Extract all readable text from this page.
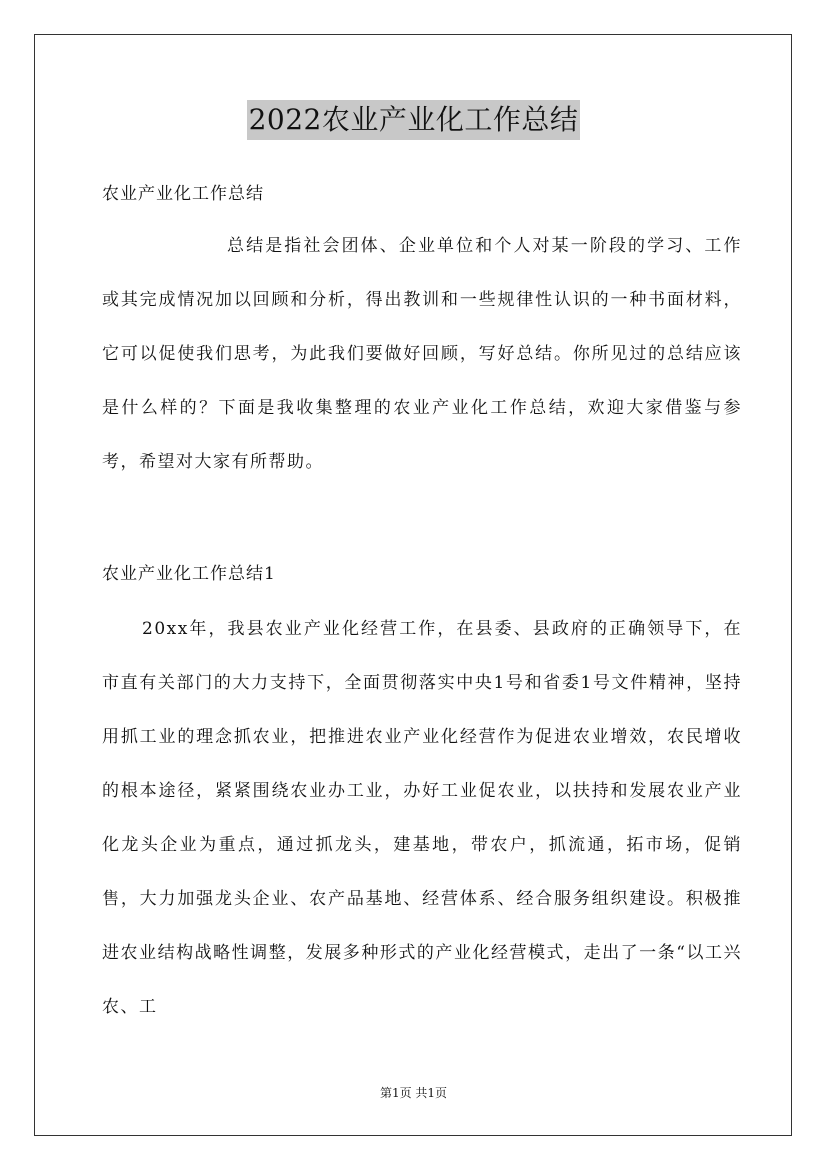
2022农业产业化工作总结
农业产业化工作总结
总结是指社会团体、企业单位和个人对某一阶段的学习、工作或其完成情况加以回顾和分析，得出教训和一些规律性认识的一种书面材料，它可以促使我们思考，为此我们要做好回顾，写好总结。你所见过的总结应该是什么样的？下面是我收集整理的农业产业化工作总结，欢迎大家借鉴与参考，希望对大家有所帮助。
农业产业化工作总结1
20xx年，我县农业产业化经营工作，在县委、县政府的正确领导下，在市直有关部门的大力支持下，全面贯彻落实中央1号和省委1号文件精神，坚持用抓工业的理念抓农业，把推进农业产业化经营作为促进农业增效，农民增收的根本途径，紧紧围绕农业办工业，办好工业促农业，以扶持和发展农业产业化龙头企业为重点，通过抓龙头，建基地，带农户，抓流通，拓市场，促销售，大力加强龙头企业、农产品基地、经营体系、经合服务组织建设。积极推进农业结构战略性调整，发展多种形式的产业化经营模式，走出了一条“以工兴农、工
第1页 共1页
